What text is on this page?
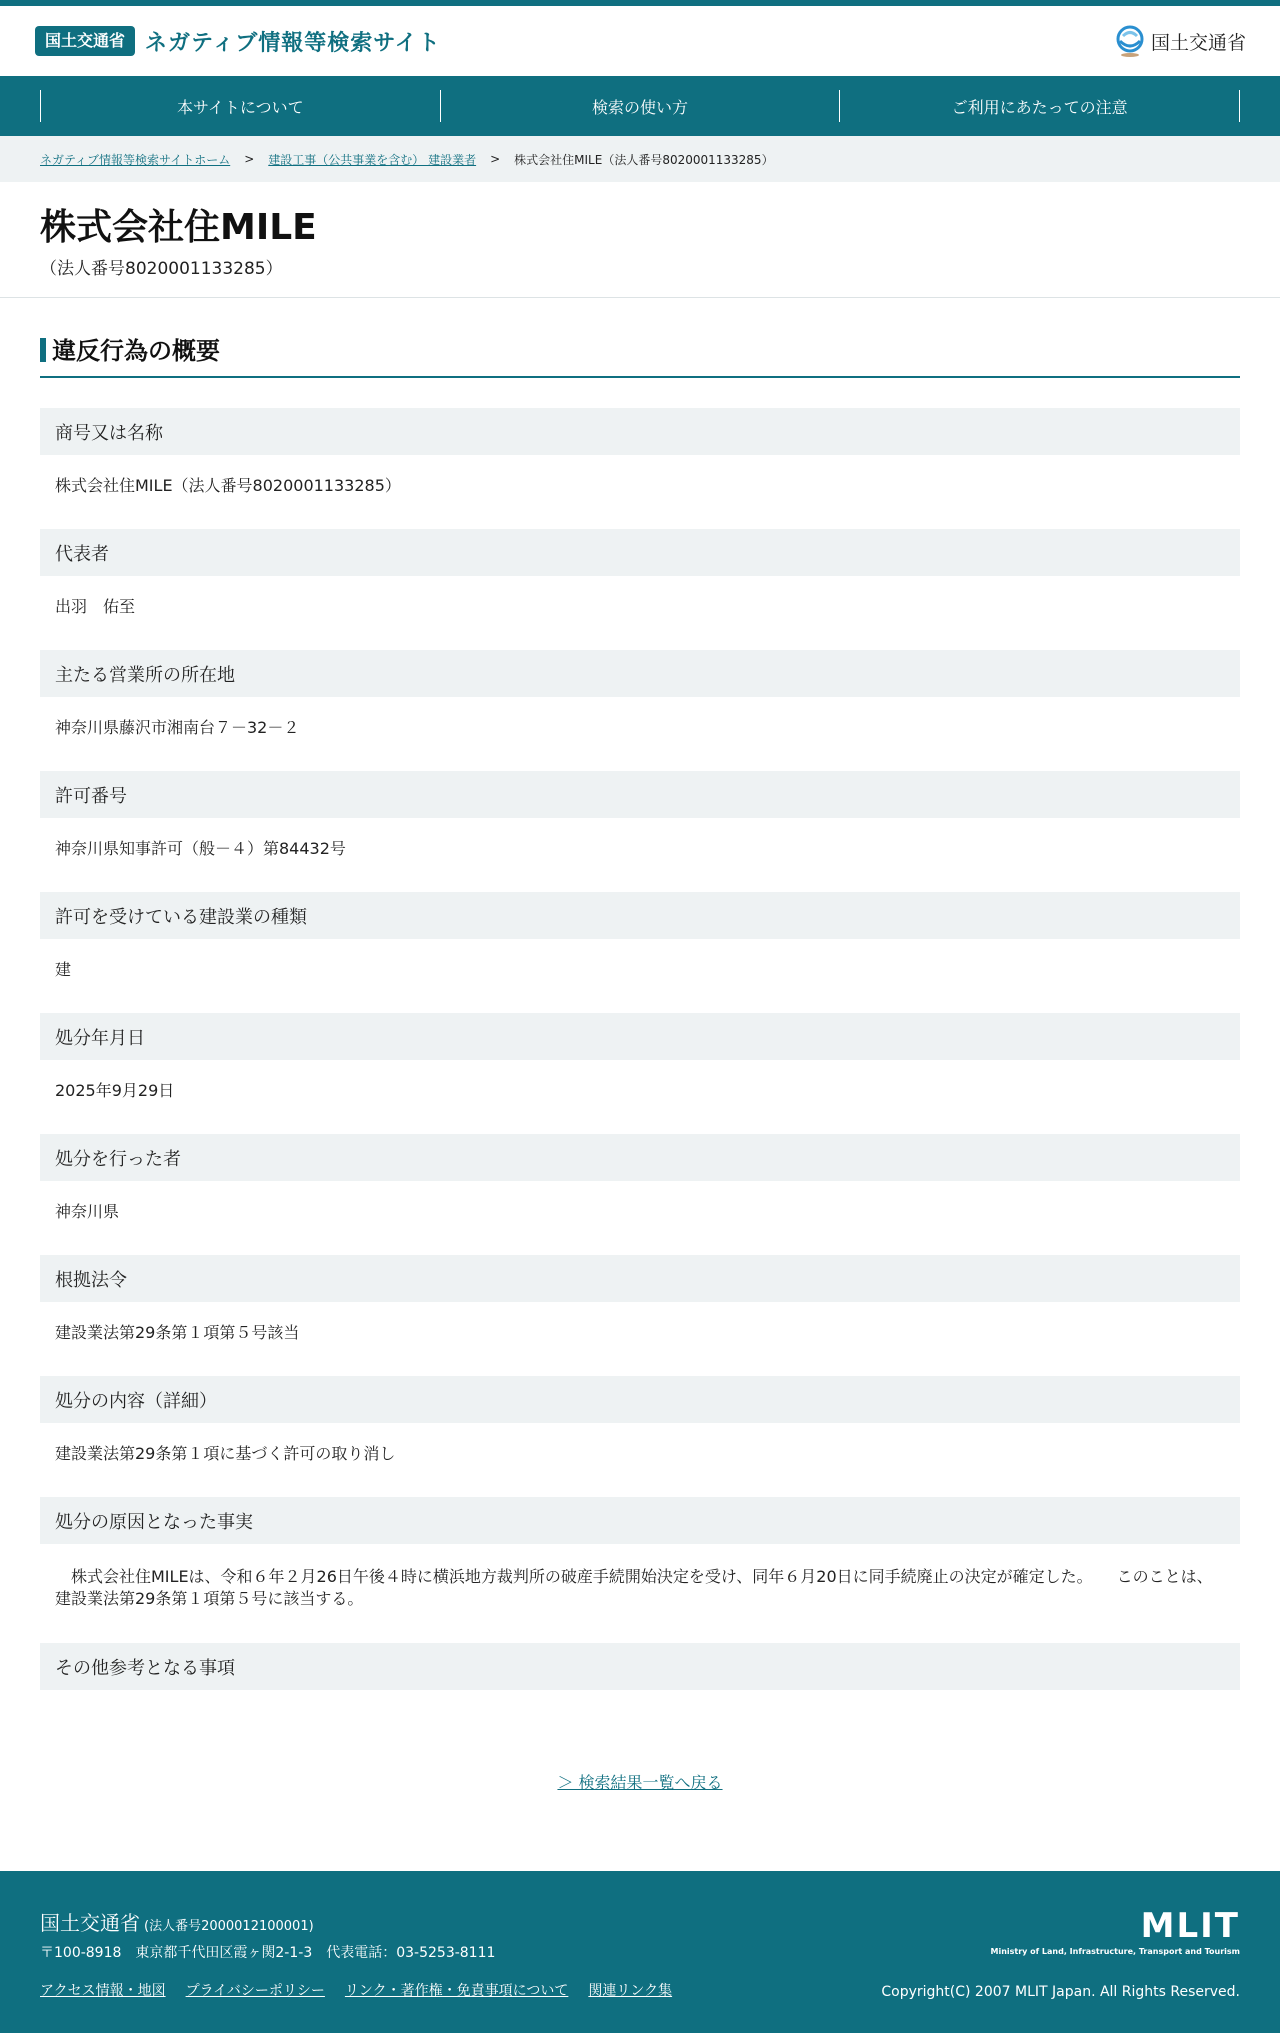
国土交通省 ネガティブ情報等検索サイト	国土交通省
本サイトについて	検索の使い方	ご利用にあたっての注意
ネガティブ情報等検索サイトホーム > 建設工事（公共事業を含む） 建設業者 > 株式会社住MILE（法人番号8020001133285）
株式会社住MILE
（法人番号8020001133285）
違反行為の概要
商号又は名称
株式会社住MILE（法人番号8020001133285）
代表者
出羽　佑至
主たる営業所の所在地
神奈川県藤沢市湘南台７－32－２
許可番号
神奈川県知事許可（般－４）第84432号
許可を受けている建設業の種類
建
処分年月日
2025年9月29日
処分を行った者
神奈川県
根拠法令
建設業法第29条第１項第５号該当
処分の内容（詳細）
建設業法第29条第１項に基づく許可の取り消し
処分の原因となった事実
株式会社住MILEは、令和６年２月26日午後４時に横浜地方裁判所の破産手続開始決定を受け、同年６月20日に同手続廃止の決定が確定した。　　このことは、建設業法第29条第１項第５号に該当する。
その他参考となる事項
＞ 検索結果一覧へ戻る
国土交通省 (法人番号2000012100001)
〒100-8918　東京都千代田区霞ヶ関2-1-3　代表電話：03-5253-8111
アクセス情報・地図 プライバシーポリシー リンク・著作権・免責事項について 関連リンク集
MLIT
Ministry of Land, Infrastructure, Transport and Tourism
Copyright(C) 2007 MLIT Japan. All Rights Reserved.
